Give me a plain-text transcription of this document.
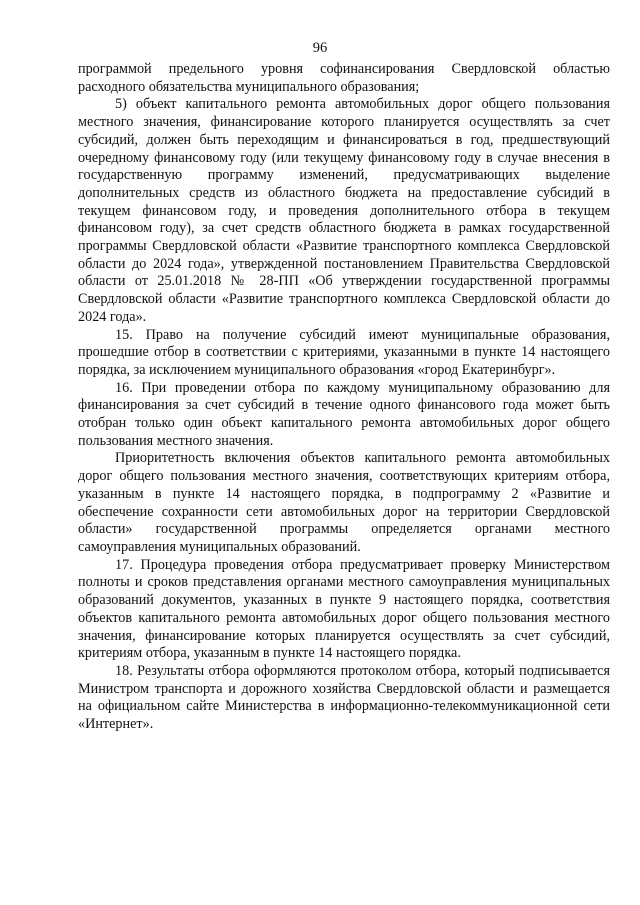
96

программой предельного уровня софинансирования Свердловской областью расходного обязательства муниципального образования;

5) объект капитального ремонта автомобильных дорог общего пользования местного значения, финансирование которого планируется осуществлять за счет субсидий, должен быть переходящим и финансироваться в год, предшествующий очередному финансовому году (или текущему финансовому году в случае внесения в государственную программу изменений, предусматривающих выделение дополнительных средств из областного бюджета на предоставление субсидий в текущем финансовом году, и проведения дополнительного отбора в текущем финансовом году), за счет средств областного бюджета в рамках государственной программы Свердловской области «Развитие транспортного комплекса Свердловской области до 2024 года», утвержденной постановлением Правительства Свердловской области от 25.01.2018 № 28-ПП «Об утверждении государственной программы Свердловской области «Развитие транспортного комплекса Свердловской области до 2024 года».

15. Право на получение субсидий имеют муниципальные образования, прошедшие отбор в соответствии с критериями, указанными в пункте 14 настоящего порядка, за исключением муниципального образования «город Екатеринбург».

16. При проведении отбора по каждому муниципальному образованию для финансирования за счет субсидий в течение одного финансового года может быть отобран только один объект капитального ремонта автомобильных дорог общего пользования местного значения.

Приоритетность включения объектов капитального ремонта автомобильных дорог общего пользования местного значения, соответствующих критериям отбора, указанным в пункте 14 настоящего порядка, в подпрограмму 2 «Развитие и обеспечение сохранности сети автомобильных дорог на территории Свердловской области» государственной программы определяется органами местного самоуправления муниципальных образований.

17. Процедура проведения отбора предусматривает проверку Министерством полноты и сроков представления органами местного самоуправления муниципальных образований документов, указанных в пункте 9 настоящего порядка, соответствия объектов капитального ремонта автомобильных дорог общего пользования местного значения, финансирование которых планируется осуществлять за счет субсидий, критериям отбора, указанным в пункте 14 настоящего порядка.

18. Результаты отбора оформляются протоколом отбора, который подписывается Министром транспорта и дорожного хозяйства Свердловской области и размещается на официальном сайте Министерства в информационно-телекоммуникационной сети «Интернет».
